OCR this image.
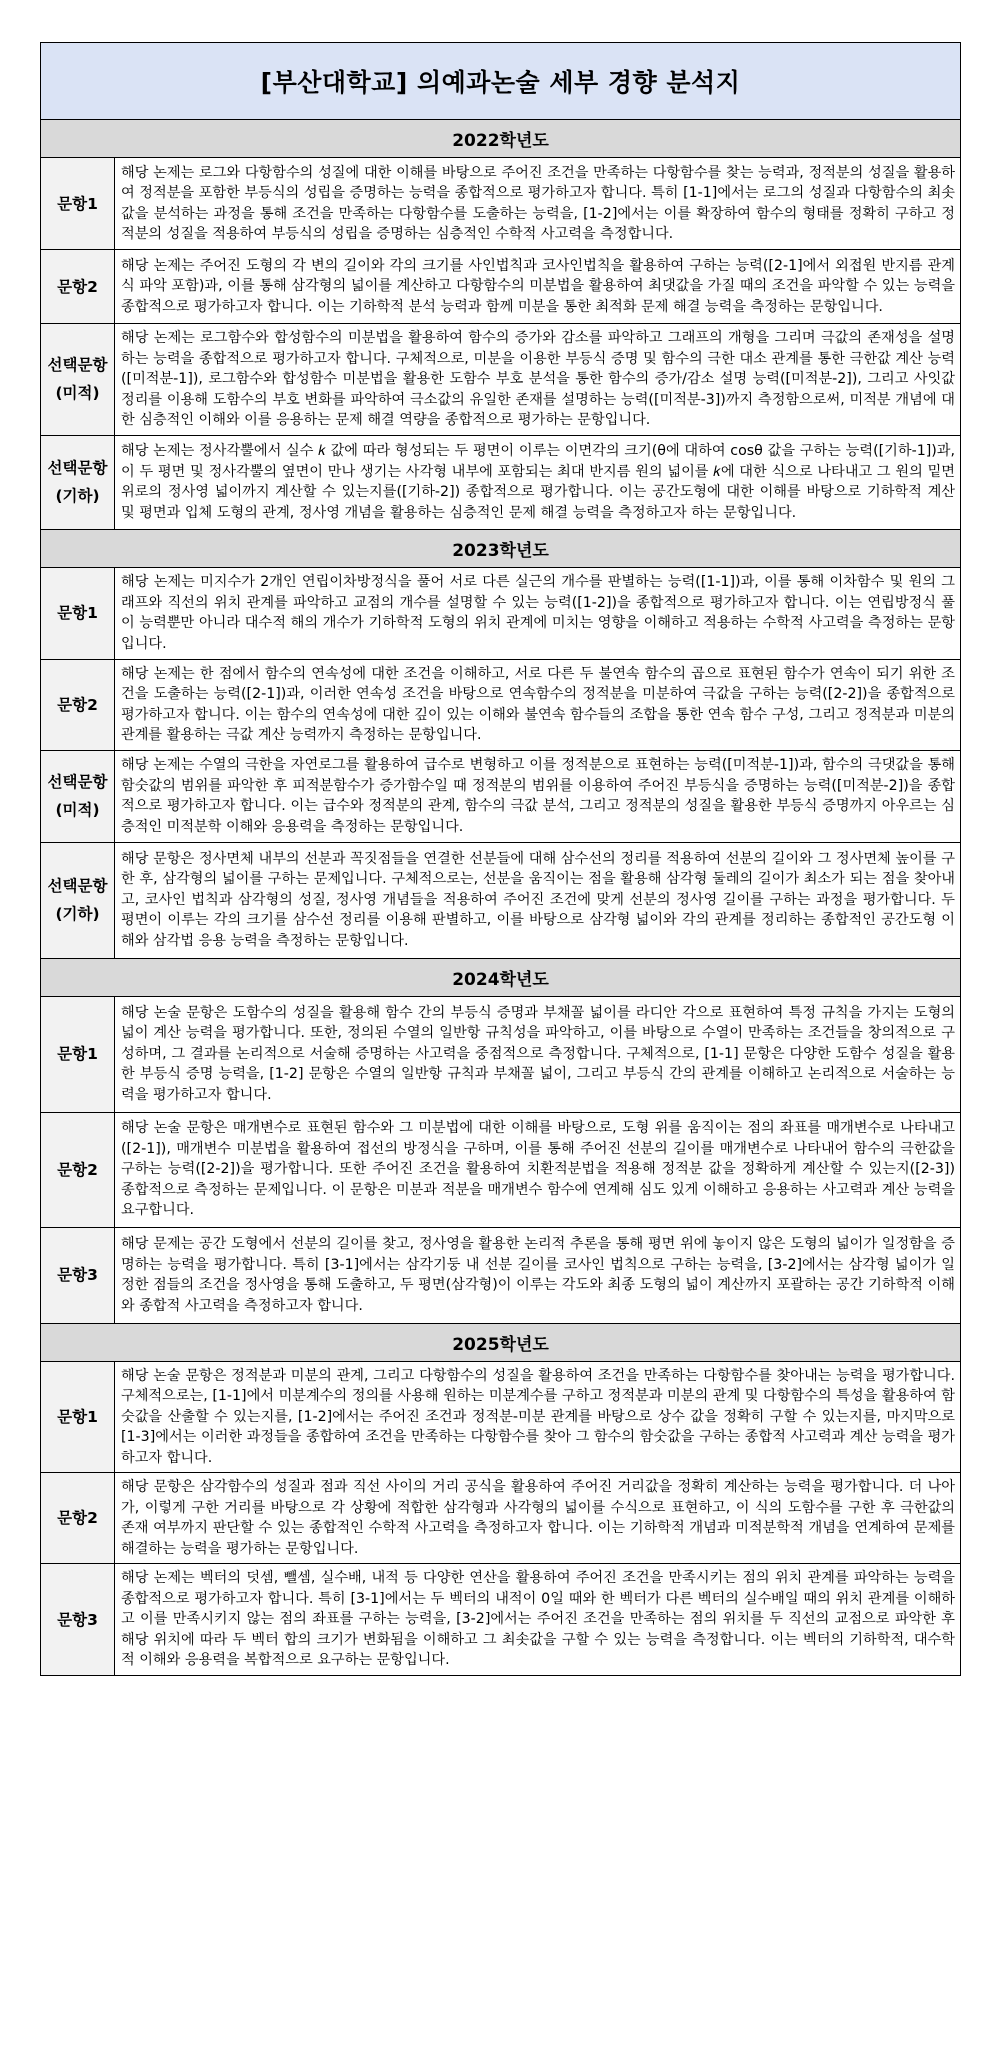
[부산대학교] 의예과논술 세부 경향 분석지	
2022학년도	
문항1	해당 논제는 로그와 다항함수의 성질에 대한 이해를 바탕으로 주어진 조건을 만족하는 다항함수를 찾는 능력과, 정적분의 성질을 활용하여 정적분을 포함한 부등식의 성립을 증명하는 능력을 종합적으로 평가하고자 합니다. 특히 [1-1]에서는 로그의 성질과 다항함수의 최솟값을 분석하는 과정을 통해 조건을 만족하는 다항함수를 도출하는 능력을, [1-2]에서는 이를 확장하여 함수의 형태를 정확히 구하고 정적분의 성질을 적용하여 부등식의 성립을 증명하는 심층적인 수학적 사고력을 측정합니다.
문항2	해당 논제는 주어진 도형의 각 변의 길이와 각의 크기를 사인법칙과 코사인법칙을 활용하여 구하는 능력([2-1]에서 외접원 반지름 관계식 파악 포함)과, 이를 통해 삼각형의 넓이를 계산하고 다항함수의 미분법을 활용하여 최댓값을 가질 때의 조건을 파악할 수 있는 능력을 종합적으로 평가하고자 합니다. 이는 기하학적 분석 능력과 함께 미분을 통한 최적화 문제 해결 능력을 측정하는 문항입니다.
선택문항
(미적)	해당 논제는 로그함수와 합성함수의 미분법을 활용하여 함수의 증가와 감소를 파악하고 그래프의 개형을 그리며 극값의 존재성을 설명하는 능력을 종합적으로 평가하고자 합니다. 구체적으로, 미분을 이용한 부등식 증명 및 함수의 극한 대소 관계를 통한 극한값 계산 능력([미적분-1]), 로그함수와 합성함수 미분법을 활용한 도함수 부호 분석을 통한 함수의 증가/감소 설명 능력([미적분-2]), 그리고 사잇값 정리를 이용해 도함수의 부호 변화를 파악하여 극소값의 유일한 존재를 설명하는 능력([미적분-3])까지 측정함으로써, 미적분 개념에 대한 심층적인 이해와 이를 응용하는 문제 해결 역량을 종합적으로 평가하는 문항입니다.
선택문항
(기하)	해당 논제는 정사각뿔에서 실수 𝑘 값에 따라 형성되는 두 평면이 이루는 이면각의 크기(θ에 대하여 cosθ 값을 구하는 능력([기하-1])과, 이 두 평면 및 정사각뿔의 옆면이 만나 생기는 사각형 내부에 포함되는 최대 반지름 원의 넓이를 𝑘에 대한 식으로 나타내고 그 원의 밑면 위로의 정사영 넓이까지 계산할 수 있는지를([기하-2]) 종합적으로 평가합니다. 이는 공간도형에 대한 이해를 바탕으로 기하학적 계산 및 평면과 입체 도형의 관계, 정사영 개념을 활용하는 심층적인 문제 해결 능력을 측정하고자 하는 문항입니다.
2023학년도	
문항1	해당 논제는 미지수가 2개인 연립이차방정식을 풀어 서로 다른 실근의 개수를 판별하는 능력([1-1])과, 이를 통해 이차함수 및 원의 그래프와 직선의 위치 관계를 파악하고 교점의 개수를 설명할 수 있는 능력([1-2])을 종합적으로 평가하고자 합니다. 이는 연립방정식 풀이 능력뿐만 아니라 대수적 해의 개수가 기하학적 도형의 위치 관계에 미치는 영향을 이해하고 적용하는 수학적 사고력을 측정하는 문항입니다.
문항2	해당 논제는 한 점에서 함수의 연속성에 대한 조건을 이해하고, 서로 다른 두 불연속 함수의 곱으로 표현된 함수가 연속이 되기 위한 조건을 도출하는 능력([2-1])과, 이러한 연속성 조건을 바탕으로 연속함수의 정적분을 미분하여 극값을 구하는 능력([2-2])을 종합적으로 평가하고자 합니다. 이는 함수의 연속성에 대한 깊이 있는 이해와 불연속 함수들의 조합을 통한 연속 함수 구성, 그리고 정적분과 미분의 관계를 활용하는 극값 계산 능력까지 측정하는 문항입니다.
선택문항
(미적)	해당 논제는 수열의 극한을 자연로그를 활용하여 급수로 변형하고 이를 정적분으로 표현하는 능력([미적분-1])과, 함수의 극댓값을 통해 함숫값의 범위를 파악한 후 피적분함수가 증가함수일 때 정적분의 범위를 이용하여 주어진 부등식을 증명하는 능력([미적분-2])을 종합적으로 평가하고자 합니다. 이는 급수와 정적분의 관계, 함수의 극값 분석, 그리고 정적분의 성질을 활용한 부등식 증명까지 아우르는 심층적인 미적분학 이해와 응용력을 측정하는 문항입니다.
선택문항
(기하)	해당 문항은 정사면체 내부의 선분과 꼭짓점들을 연결한 선분들에 대해 삼수선의 정리를 적용하여 선분의 길이와 그 정사면체 높이를 구한 후, 삼각형의 넓이를 구하는 문제입니다. 구체적으로는, 선분을 움직이는 점을 활용해 삼각형 둘레의 길이가 최소가 되는 점을 찾아내고, 코사인 법칙과 삼각형의 성질, 정사영 개념들을 적용하여 주어진 조건에 맞게 선분의 정사영 길이를 구하는 과정을 평가합니다. 두 평면이 이루는 각의 크기를 삼수선 정리를 이용해 판별하고, 이를 바탕으로 삼각형 넓이와 각의 관계를 정리하는 종합적인 공간도형 이해와 삼각법 응용 능력을 측정하는 문항입니다.
2024학년도	
문항1	해당 논술 문항은 도함수의 성질을 활용해 함수 간의 부등식 증명과 부채꼴 넓이를 라디안 각으로 표현하여 특정 규칙을 가지는 도형의 넓이 계산 능력을 평가합니다. 또한, 정의된 수열의 일반항 규칙성을 파악하고, 이를 바탕으로 수열이 만족하는 조건들을 창의적으로 구성하며, 그 결과를 논리적으로 서술해 증명하는 사고력을 중점적으로 측정합니다. 구체적으로, [1-1] 문항은 다양한 도함수 성질을 활용한 부등식 증명 능력을, [1-2] 문항은 수열의 일반항 규칙과 부채꼴 넓이, 그리고 부등식 간의 관계를 이해하고 논리적으로 서술하는 능력을 평가하고자 합니다.
문항2	해당 논술 문항은 매개변수로 표현된 함수와 그 미분법에 대한 이해를 바탕으로, 도형 위를 움직이는 점의 좌표를 매개변수로 나타내고([2-1]), 매개변수 미분법을 활용하여 접선의 방정식을 구하며, 이를 통해 주어진 선분의 길이를 매개변수로 나타내어 함수의 극한값을 구하는 능력([2-2])을 평가합니다. 또한 주어진 조건을 활용하여 치환적분법을 적용해 정적분 값을 정확하게 계산할 수 있는지([2-3]) 종합적으로 측정하는 문제입니다. 이 문항은 미분과 적분을 매개변수 함수에 연계해 심도 있게 이해하고 응용하는 사고력과 계산 능력을 요구합니다.
문항3	해당 문제는 공간 도형에서 선분의 길이를 찾고, 정사영을 활용한 논리적 추론을 통해 평면 위에 놓이지 않은 도형의 넓이가 일정함을 증명하는 능력을 평가합니다. 특히 [3-1]에서는 삼각기둥 내 선분 길이를 코사인 법칙으로 구하는 능력을, [3-2]에서는 삼각형 넓이가 일정한 점들의 조건을 정사영을 통해 도출하고, 두 평면(삼각형)이 이루는 각도와 최종 도형의 넓이 계산까지 포괄하는 공간 기하학적 이해와 종합적 사고력을 측정하고자 합니다.
2025학년도	
문항1	해당 논술 문항은 정적분과 미분의 관계, 그리고 다항함수의 성질을 활용하여 조건을 만족하는 다항함수를 찾아내는 능력을 평가합니다. 구체적으로는, [1-1]에서 미분계수의 정의를 사용해 원하는 미분계수를 구하고 정적분과 미분의 관계 및 다항함수의 특성을 활용하여 함숫값을 산출할 수 있는지를, [1-2]에서는 주어진 조건과 정적분-미분 관계를 바탕으로 상수 값을 정확히 구할 수 있는지를, 마지막으로 [1-3]에서는 이러한 과정들을 종합하여 조건을 만족하는 다항함수를 찾아 그 함수의 함숫값을 구하는 종합적 사고력과 계산 능력을 평가하고자 합니다.
문항2	해당 문항은 삼각함수의 성질과 점과 직선 사이의 거리 공식을 활용하여 주어진 거리값을 정확히 계산하는 능력을 평가합니다. 더 나아가, 이렇게 구한 거리를 바탕으로 각 상황에 적합한 삼각형과 사각형의 넓이를 수식으로 표현하고, 이 식의 도함수를 구한 후 극한값의 존재 여부까지 판단할 수 있는 종합적인 수학적 사고력을 측정하고자 합니다. 이는 기하학적 개념과 미적분학적 개념을 연계하여 문제를 해결하는 능력을 평가하는 문항입니다.
문항3	해당 논제는 벡터의 덧셈, 뺄셈, 실수배, 내적 등 다양한 연산을 활용하여 주어진 조건을 만족시키는 점의 위치 관계를 파악하는 능력을 종합적으로 평가하고자 합니다. 특히 [3-1]에서는 두 벡터의 내적이 0일 때와 한 벡터가 다른 벡터의 실수배일 때의 위치 관계를 이해하고 이를 만족시키지 않는 점의 좌표를 구하는 능력을, [3-2]에서는 주어진 조건을 만족하는 점의 위치를 두 직선의 교점으로 파악한 후 해당 위치에 따라 두 벡터 합의 크기가 변화됨을 이해하고 그 최솟값을 구할 수 있는 능력을 측정합니다. 이는 벡터의 기하학적, 대수학적 이해와 응용력을 복합적으로 요구하는 문항입니다.
